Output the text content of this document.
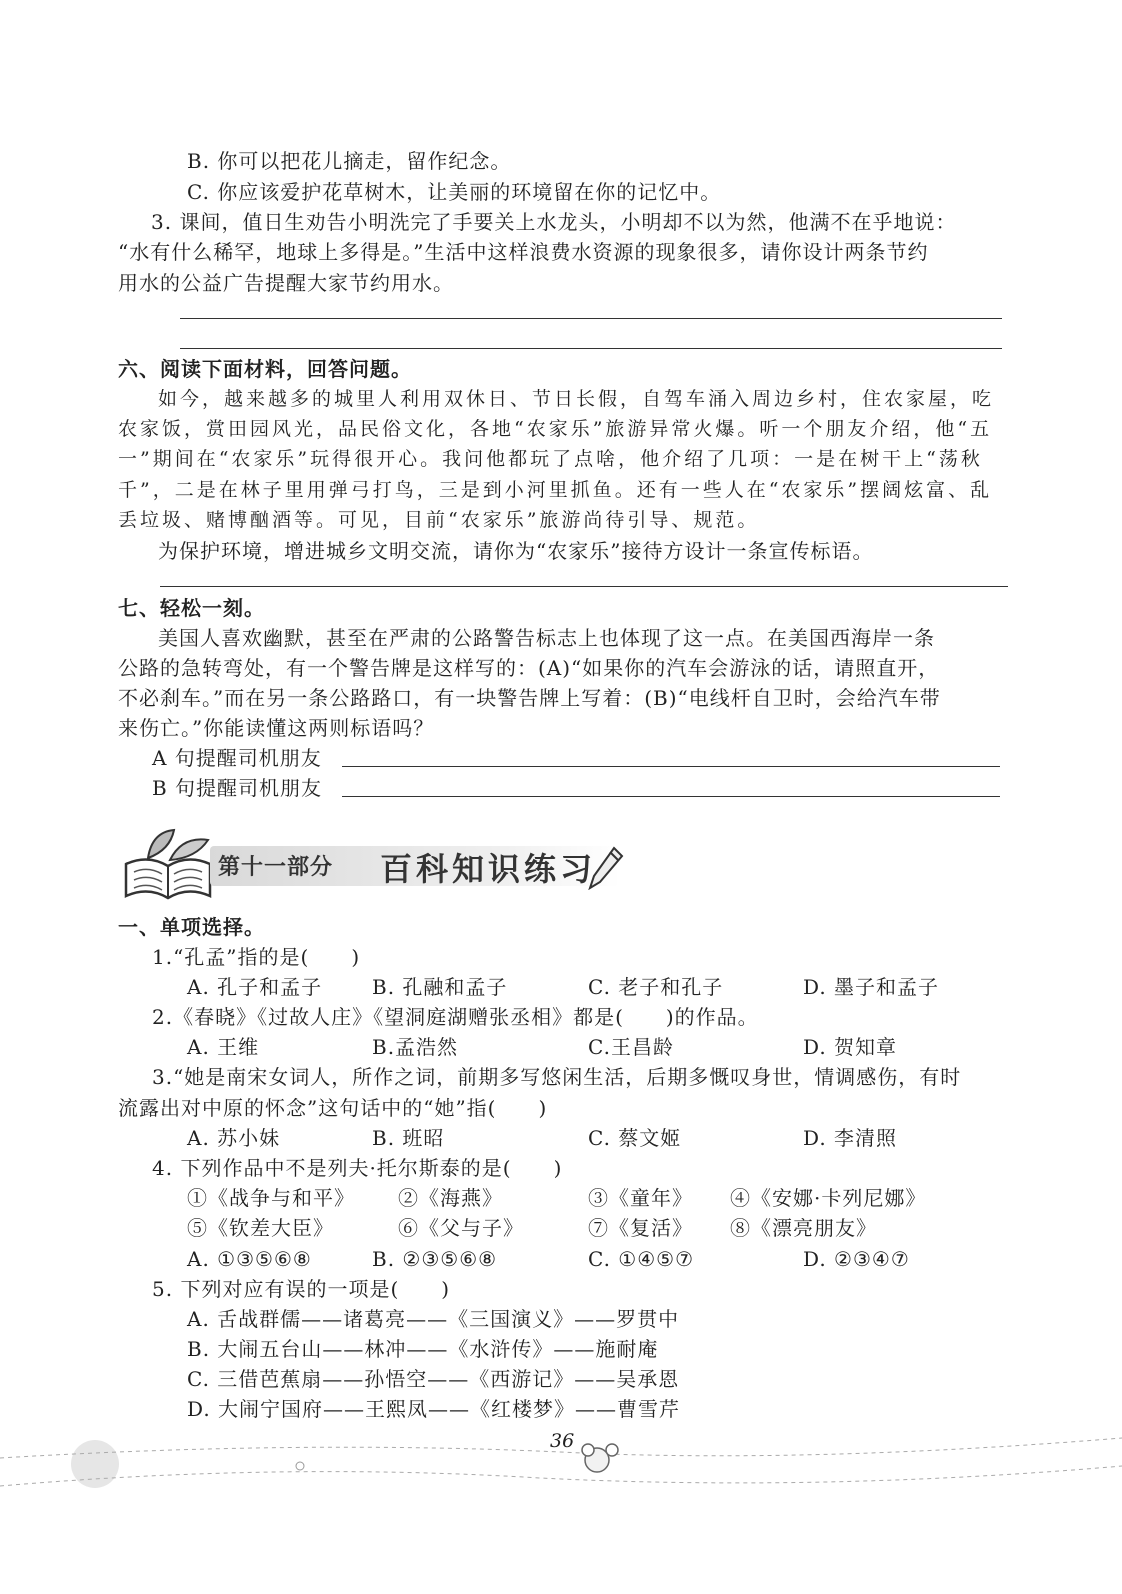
B. 你可以把花儿摘走，留作纪念。
C. 你应该爱护花草树木，让美丽的环境留在你的记忆中。
3. 课间，值日生劝告小明洗完了手要关上水龙头，小明却不以为然，他满不在乎地说：
“水有什么稀罕，地球上多得是。”生活中这样浪费水资源的现象很多，请你设计两条节约
用水的公益广告提醒大家节约用水。
六、阅读下面材料，回答问题。
如今，越来越多的城里人利用双休日、节日长假，自驾车涌入周边乡村，住农家屋，吃
农家饭，赏田园风光，品民俗文化，各地“农家乐”旅游异常火爆。听一个朋友介绍，他“五
一”期间在“农家乐”玩得很开心。我问他都玩了点啥，他介绍了几项：一是在树干上“荡秋
千”，二是在林子里用弹弓打鸟，三是到小河里抓鱼。还有一些人在“农家乐”摆阔炫富、乱
丢垃圾、赌博酗酒等。可见，目前“农家乐”旅游尚待引导、规范。
为保护环境，增进城乡文明交流，请你为“农家乐”接待方设计一条宣传标语。
七、轻松一刻。
美国人喜欢幽默，甚至在严肃的公路警告标志上也体现了这一点。在美国西海岸一条
公路的急转弯处，有一个警告牌是这样写的：(A)“如果你的汽车会游泳的话，请照直开，
不必刹车。”而在另一条公路路口，有一块警告牌上写着：(B)“电线杆自卫时，会给汽车带
来伤亡。”你能读懂这两则标语吗？
A 句提醒司机朋友
B 句提醒司机朋友
第十一部分 百科知识练习
一、单项选择。
1.“孔孟”指的是(　　)
A. 孔子和孟子 B. 孔融和孟子	C. 老子和孔子	D. 墨子和孟子
2.《春晓》《过故人庄》《望洞庭湖赠张丞相》都是(　　)的作品。
A. 王维	B.孟浩然	C.王昌龄	D. 贺知章
3.“她是南宋女词人，所作之词，前期多写悠闲生活，后期多慨叹身世，情调感伤，有时
流露出对中原的怀念”这句话中的“她”指(　　)
A. 苏小妹	B. 班昭	C. 蔡文姬	D. 李清照
4. 下列作品中不是列夫·托尔斯泰的是(　　)
①《战争与和平》 ②《海燕》	③《童年》 ④《安娜·卡列尼娜》
⑤《钦差大臣》	⑥《父与子》	⑦《复活》 ⑧《漂亮朋友》
A. ①③⑤⑥⑧	B. ②③⑤⑥⑧	C. ①④⑤⑦	D. ②③④⑦
5. 下列对应有误的一项是(　　)
A. 舌战群儒——诸葛亮——《三国演义》——罗贯中
B. 大闹五台山——林冲——《水浒传》——施耐庵
C. 三借芭蕉扇——孙悟空——《西游记》——吴承恩
D. 大闹宁国府——王熙凤——《红楼梦》——曹雪芹
36
